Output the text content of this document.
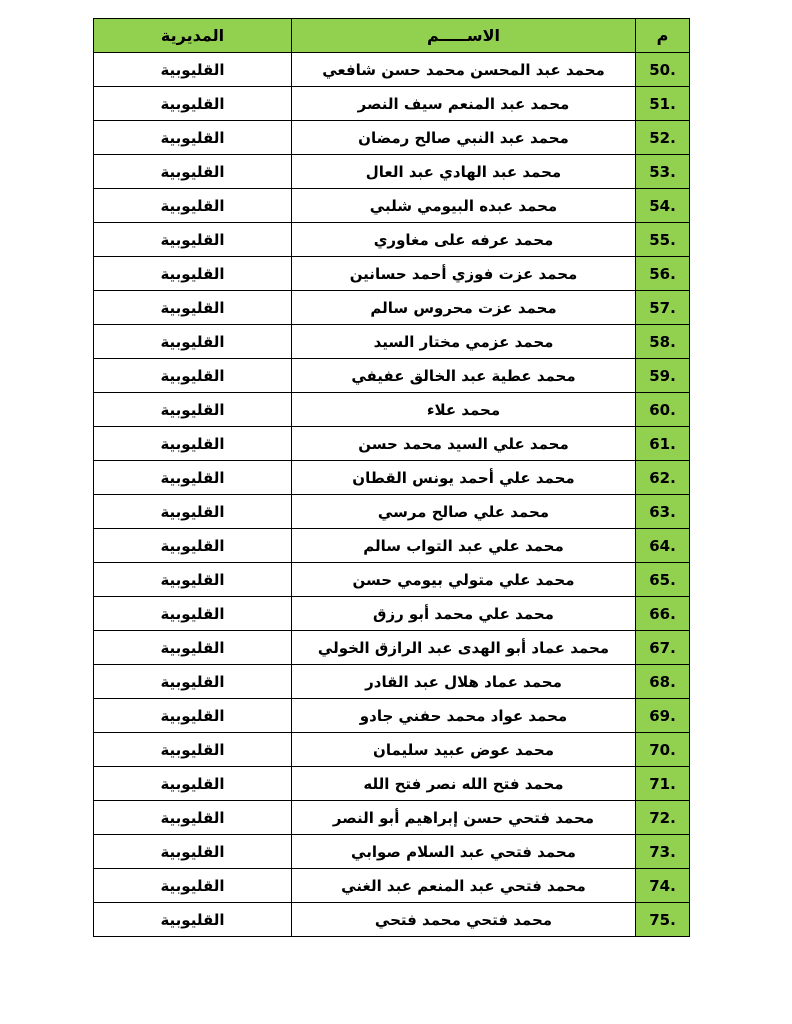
م	الاســـــم	المديرية
50.	محمد عبد المحسن محمد حسن شافعي	القليوبية
51.	محمد عبد المنعم سيف النصر	القليوبية
52.	محمد عبد النبي صالح رمضان	القليوبية
53.	محمد عبد الهادي عبد العال	القليوبية
54.	محمد عبده البيومي شلبي	القليوبية
55.	محمد عرفه على مغاوري	القليوبية
56.	محمد عزت فوزي أحمد حسانين	القليوبية
57.	محمد عزت محروس سالم	القليوبية
58.	محمد عزمي مختار السيد	القليوبية
59.	محمد عطية عبد الخالق عفيفي	القليوبية
60.	محمد علاء	القليوبية
61.	محمد علي السيد محمد حسن	القليوبية
62.	محمد علي أحمد يونس القطان	القليوبية
63.	محمد علي صالح مرسي	القليوبية
64.	محمد علي عبد التواب سالم	القليوبية
65.	محمد علي متولي بيومي حسن	القليوبية
66.	محمد علي محمد أبو رزق	القليوبية
67.	محمد عماد أبو الهدى عبد الرازق الخولي	القليوبية
68.	محمد عماد هلال عبد القادر	القليوبية
69.	محمد عواد محمد حفني جادو	القليوبية
70.	محمد عوض عبيد سليمان	القليوبية
71.	محمد فتح الله نصر فتح الله	القليوبية
72.	محمد فتحي حسن إبراهيم أبو النصر	القليوبية
73.	محمد فتحي عبد السلام صوابي	القليوبية
74.	محمد فتحي عبد المنعم عبد الغني	القليوبية
75.	محمد فتحي محمد فتحي	القليوبية
